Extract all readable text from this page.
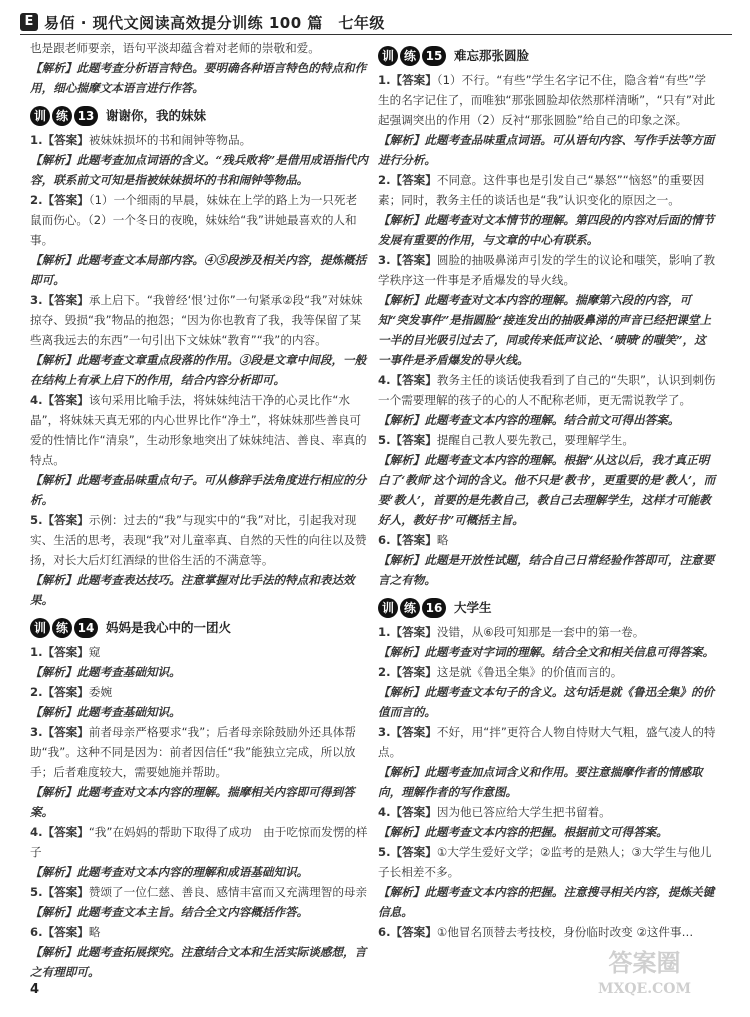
E 易佰 · 现代文阅读高效提分训练 100 篇　七年级

也是跟老师要亲，语句平淡却蕴含着对老师的崇敬和爱。

【解析】此题考查分析语言特色。要明确各种语言特色的特点和作用，细心揣摩文本语言进行作答。

训 练 13 谢谢你，我的妹妹

1.【答案】被妹妹损坏的书和闹钟等物品。

【解析】此题考查加点词语的含义。“残兵败将”是借用成语指代内容，联系前文可知是指被妹妹损坏的书和闹钟等物品。

2.【答案】（1）一个细雨的早晨，妹妹在上学的路上为一只死老鼠而伤心。（2）一个冬日的夜晚，妹妹给“我”讲她最喜欢的人和事。

【解析】此题考查文本局部内容。④⑤段涉及相关内容，提炼概括即可。

3.【答案】承上启下。“我曾经‘恨’过你”一句紧承②段“我”对妹妹掠夺、毁损“我”物品的抱怨；“因为你也教育了我，我等保留了某些离我远去的东西”一句引出下文妹妹“教育”“我”的内容。

【解析】此题考查文章重点段落的作用。③段是文章中间段，一般在结构上有承上启下的作用，结合内容分析即可。

4.【答案】该句采用比喻手法，将妹妹纯洁干净的心灵比作“水晶”，将妹妹天真无邪的内心世界比作“净土”，将妹妹那些善良可爱的性情比作“清泉”，生动形象地突出了妹妹纯洁、善良、率真的特点。

【解析】此题考查品味重点句子。可从修辞手法角度进行相应的分析。

5.【答案】示例：过去的“我”与现实中的“我”对比，引起我对现实、生活的思考，表现“我”对儿童率真、自然的天性的向往以及赞扬，对长大后灯红酒绿的世俗生活的不满意等。

【解析】此题考查表达技巧。注意掌握对比手法的特点和表达效果。

训 练 14 妈妈是我心中的一团火

1.【答案】窥

【解析】此题考查基础知识。

2.【答案】委婉

【解析】此题考查基础知识。

3.【答案】前者母亲严格要求“我”；后者母亲除鼓励外还具体帮助“我”。这种不同是因为：前者因信任“我”能独立完成，所以放手；后者难度较大，需要她施并帮助。

【解析】此题考查对文本内容的理解。揣摩相关内容即可得到答案。

4.【答案】“我”在妈妈的帮助下取得了成功　由于吃惊而发愣的样子

【解析】此题考查对文本内容的理解和成语基础知识。

5.【答案】赞颂了一位仁慈、善良、感情丰富而又充满理智的母亲

【解析】此题考查文本主旨。结合全文内容概括作答。

6.【答案】略

【解析】此题考查拓展探究。注意结合文本和生活实际谈感想，言之有理即可。

训 练 15 难忘那张圆脸

1.【答案】（1）不行。“有些”学生名字记不住，隐含着“有些”学生的名字记住了，而唯独“那张圆脸却依然那样清晰”，“只有”对此起强调突出的作用（2）反衬“那张圆脸”给自己的印象之深。

【解析】此题考查品味重点词语。可从语句内容、写作手法等方面进行分析。

2.【答案】不同意。这件事也是引发自己“暴怒”“恼怒”的重要因素；同时，教务主任的谈话也是“我”认识变化的原因之一。

【解析】此题考查对文本情节的理解。第四段的内容对后面的情节发展有重要的作用，与文章的中心有联系。

3.【答案】圆脸的抽吸鼻涕声引发的学生的议论和嗤笑，影响了教学秩序这一件事是矛盾爆发的导火线。

【解析】此题考查对文本内容的理解。揣摩第六段的内容，可知“突发事件”是指圆脸“接连发出的抽吸鼻涕的声音已经把课堂上一半的目光吸引过去了，同或传来低声议论、‘啧啧’的嗤笑”，这一事件是矛盾爆发的导火线。

4.【答案】教务主任的谈话使我看到了自己的“失职”，认识到刺伤一个需要理解的孩子的心的人不配称老师，更无需说教学了。

【解析】此题考查文本内容的理解。结合前文可得出答案。

5.【答案】提醒自己教人要先教己，要理解学生。

【解析】此题考查文本内容的理解。根据“从这以后，我才真正明白了‘教师’这个词的含义。他不只是‘教书’，更重要的是‘教人’，而要‘教人’，首要的是先教自己，教自己去理解学生，这样才可能教好人，教好书”可概括主旨。

6.【答案】略

【解析】此题是开放性试题，结合自己日常经验作答即可，注意要言之有物。

训 练 16 大学生

1.【答案】没错，从⑥段可知那是一套中的第一卷。

【解析】此题考查对字词的理解。结合全文和相关信息可得答案。

2.【答案】这是就《鲁迅全集》的价值而言的。

【解析】此题考查文本句子的含义。这句话是就《鲁迅全集》的价值而言的。

3.【答案】不好，用“拌”更符合人物自恃财大气粗，盛气凌人的特点。

【解析】此题考查加点词含义和作用。要注意揣摩作者的情感取向，理解作者的写作意图。

4.【答案】因为他已答应给大学生把书留着。

【解析】此题考查文本内容的把握。根据前文可得答案。

5.【答案】①大学生爱好文学；②监考的是熟人；③大学生与他儿子长相差不多。

【解析】此题考查文本内容的把握。注意搜寻相关内容，提炼关键信息。

6.【答案】①他冒名顶替去考技校，身份临时改变 ②这件事…

4
答案圈
MXQE.COM
